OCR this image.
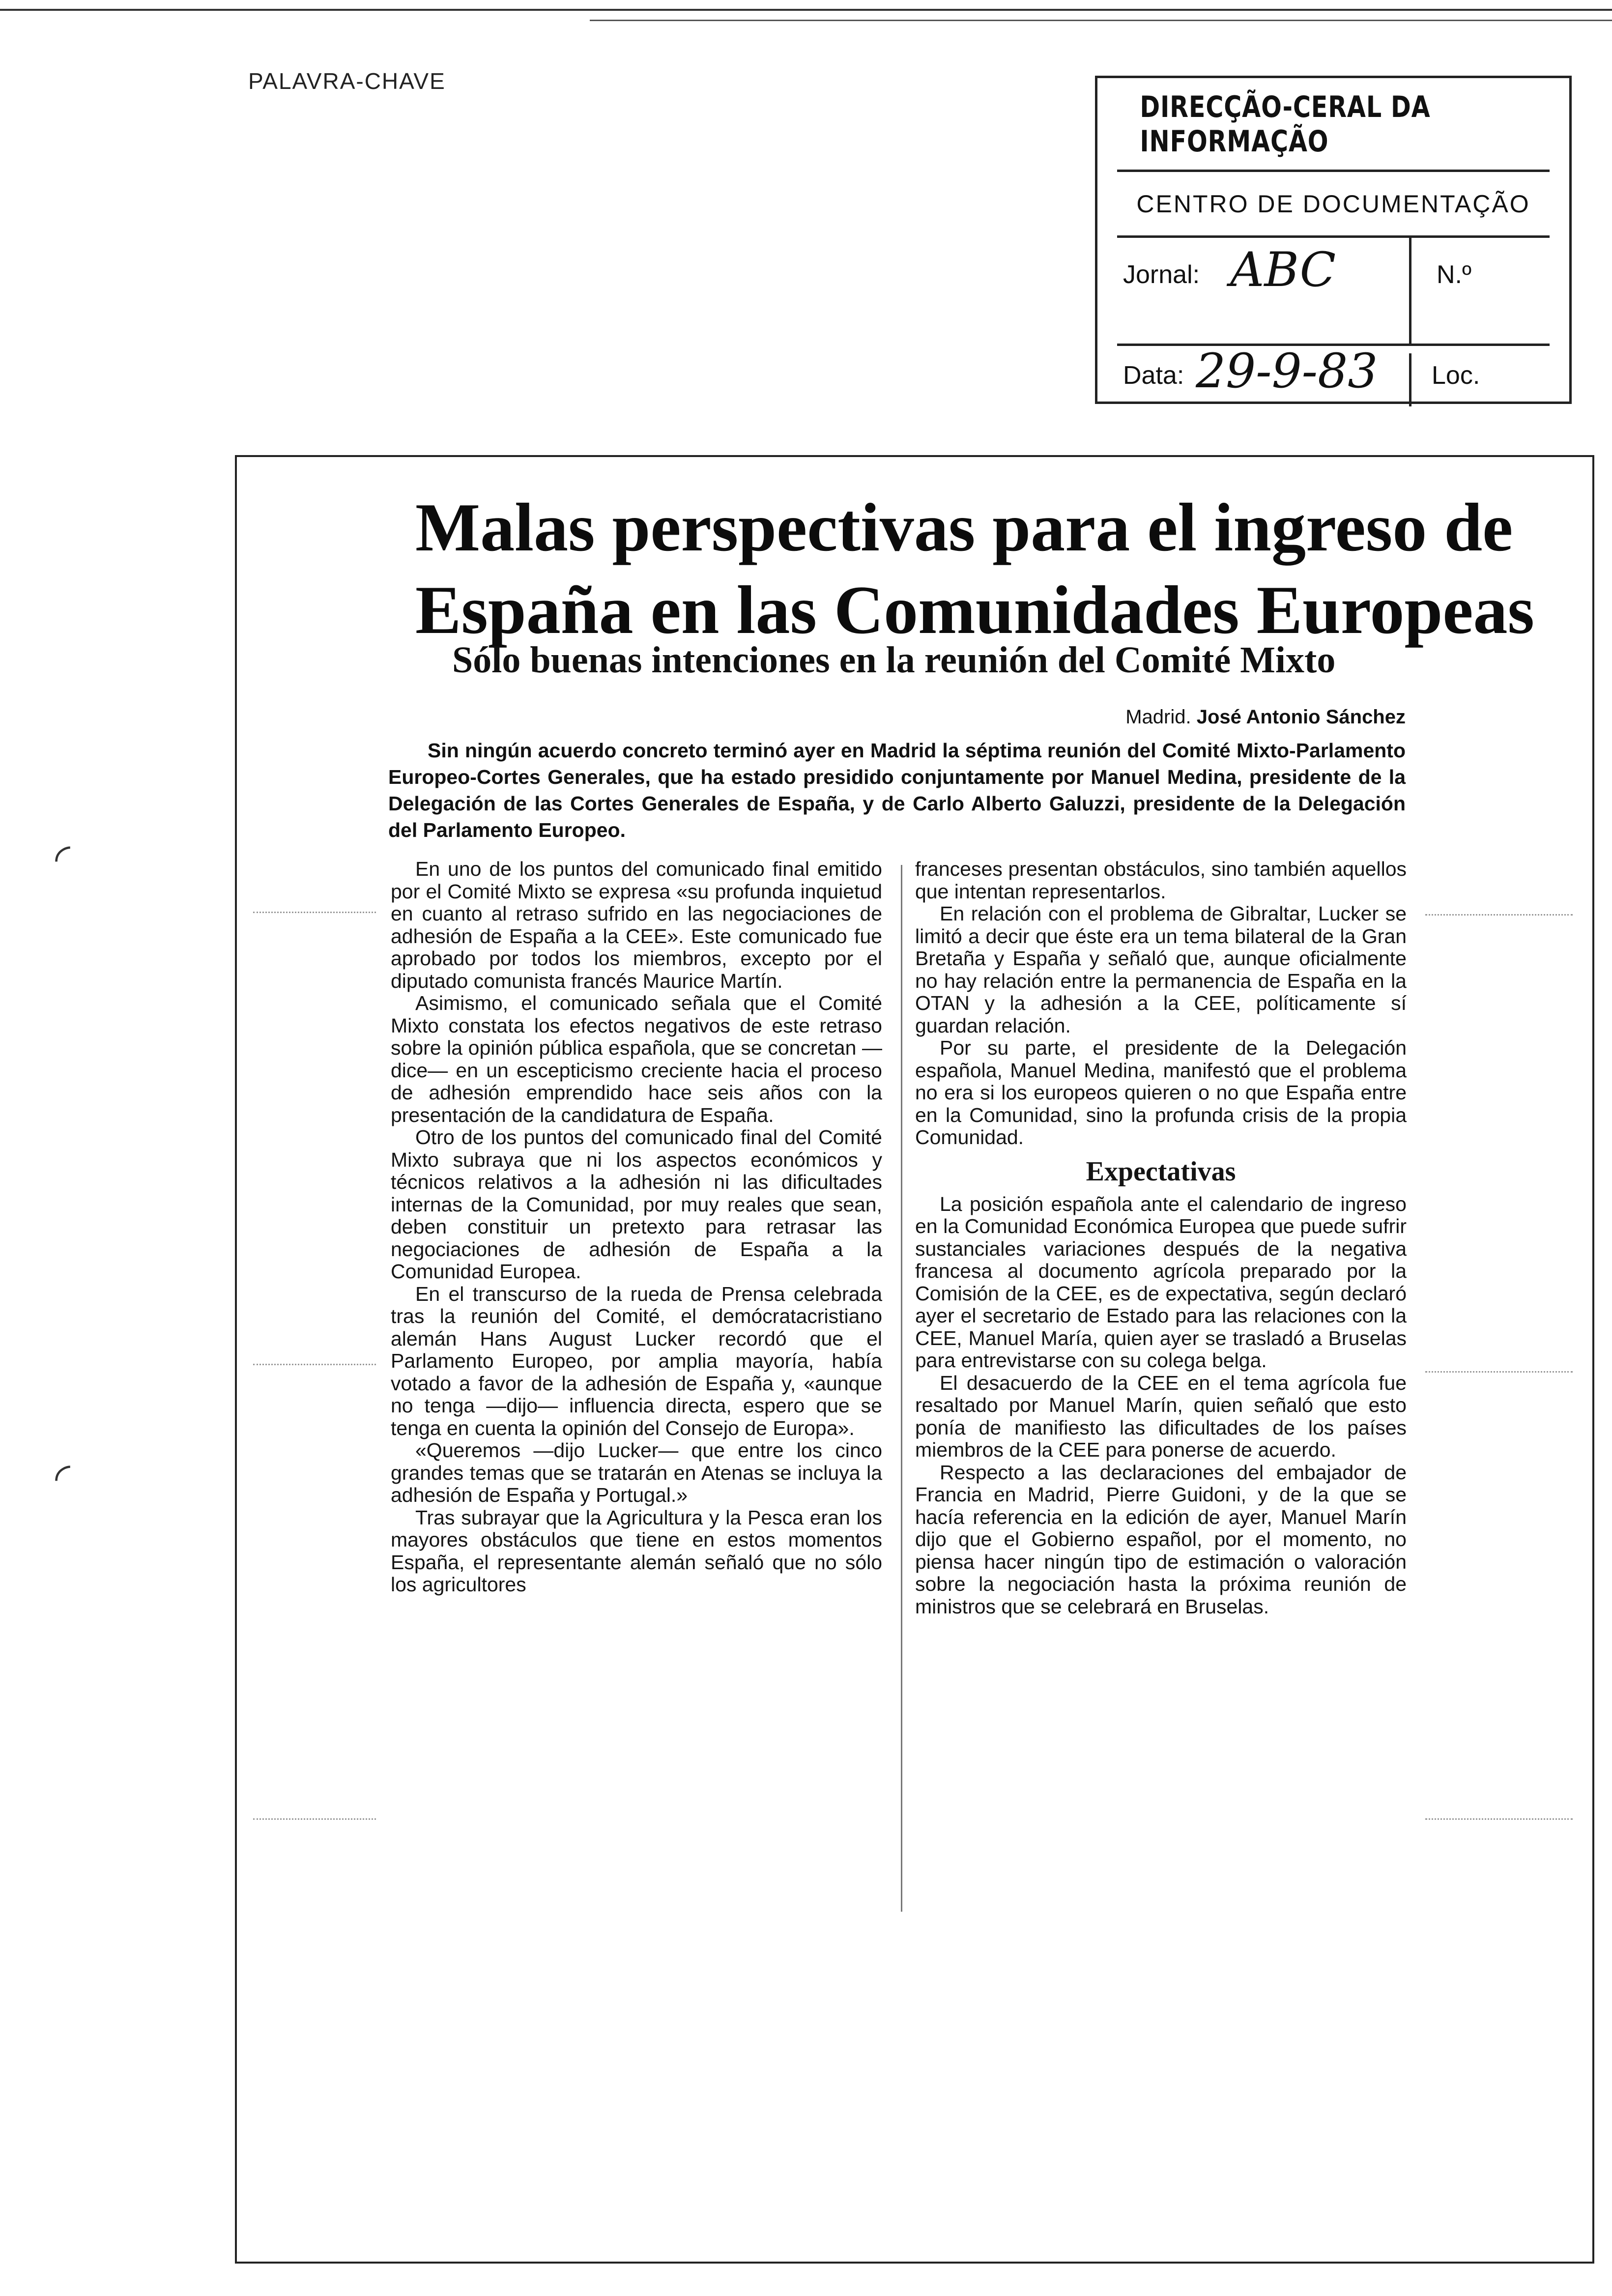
PALAVRA-CHAVE
DIRECÇÃO-CERAL DA INFORMAÇÃO
CENTRO DE DOCUMENTAÇÃO
Jornal: ABC	N.º
Data: 29-9-83 Loc.
Malas perspectivas para el ingreso de
España en las Comunidades Europeas
Sólo buenas intenciones en la reunión del Comité Mixto
Madrid. José Antonio Sánchez
Sin ningún acuerdo concreto terminó ayer en Madrid la séptima reunión del Comité Mixto-Parlamento Europeo-Cortes Generales, que ha estado presidido conjuntamente por Manuel Medina, presidente de la Delegación de las Cortes Generales de España, y de Carlo Alberto Galuzzi, presidente de la Delegación del Parlamento Europeo.

En uno de los puntos del comunicado final emitido por el Comité Mixto se expresa «su profunda inquietud en cuanto al retraso sufrido en las negociaciones de adhesión de España a la CEE». Este comunicado fue aprobado por todos los miembros, excepto por el diputado comunista francés Maurice Martín.

Asimismo, el comunicado señala que el Comité Mixto constata los efectos negativos de este retraso sobre la opinión pública española, que se concretan —dice— en un escepticismo creciente hacia el proceso de adhesión emprendido hace seis años con la presentación de la candidatura de España.

Otro de los puntos del comunicado final del Comité Mixto subraya que ni los aspectos económicos y técnicos relativos a la adhesión ni las dificultades internas de la Comunidad, por muy reales que sean, deben constituir un pretexto para retrasar las negociaciones de adhesión de España a la Comunidad Europea.

En el transcurso de la rueda de Prensa celebrada tras la reunión del Comité, el demócratacristiano alemán Hans August Lucker recordó que el Parlamento Europeo, por amplia mayoría, había votado a favor de la adhesión de España y, «aunque no tenga —dijo— influencia directa, espero que se tenga en cuenta la opinión del Consejo de Europa».

«Queremos —dijo Lucker— que entre los cinco grandes temas que se tratarán en Atenas se incluya la adhesión de España y Portugal.»

Tras subrayar que la Agricultura y la Pesca eran los mayores obstáculos que tiene en estos momentos España, el representante alemán señaló que no sólo los agricultores

franceses presentan obstáculos, sino también aquellos que intentan representarlos.

En relación con el problema de Gibraltar, Lucker se limitó a decir que éste era un tema bilateral de la Gran Bretaña y España y señaló que, aunque oficialmente no hay relación entre la permanencia de España en la OTAN y la adhesión a la CEE, políticamente sí guardan relación.

Por su parte, el presidente de la Delegación española, Manuel Medina, manifestó que el problema no era si los europeos quieren o no que España entre en la Comunidad, sino la profunda crisis de la propia Comunidad.

Expectativas

La posición española ante el calendario de ingreso en la Comunidad Económica Europea que puede sufrir sustanciales variaciones después de la negativa francesa al documento agrícola preparado por la Comisión de la CEE, es de expectativa, según declaró ayer el secretario de Estado para las relaciones con la CEE, Manuel María, quien ayer se trasladó a Bruselas para entrevistarse con su colega belga.

El desacuerdo de la CEE en el tema agrícola fue resaltado por Manuel Marín, quien señaló que esto ponía de manifiesto las dificultades de los países miembros de la CEE para ponerse de acuerdo.

Respecto a las declaraciones del embajador de Francia en Madrid, Pierre Guidoni, y de la que se hacía referencia en la edición de ayer, Manuel Marín dijo que el Gobierno español, por el momento, no piensa hacer ningún tipo de estimación o valoración sobre la negociación hasta la próxima reunión de ministros que se celebrará en Bruselas.

◜
◜
